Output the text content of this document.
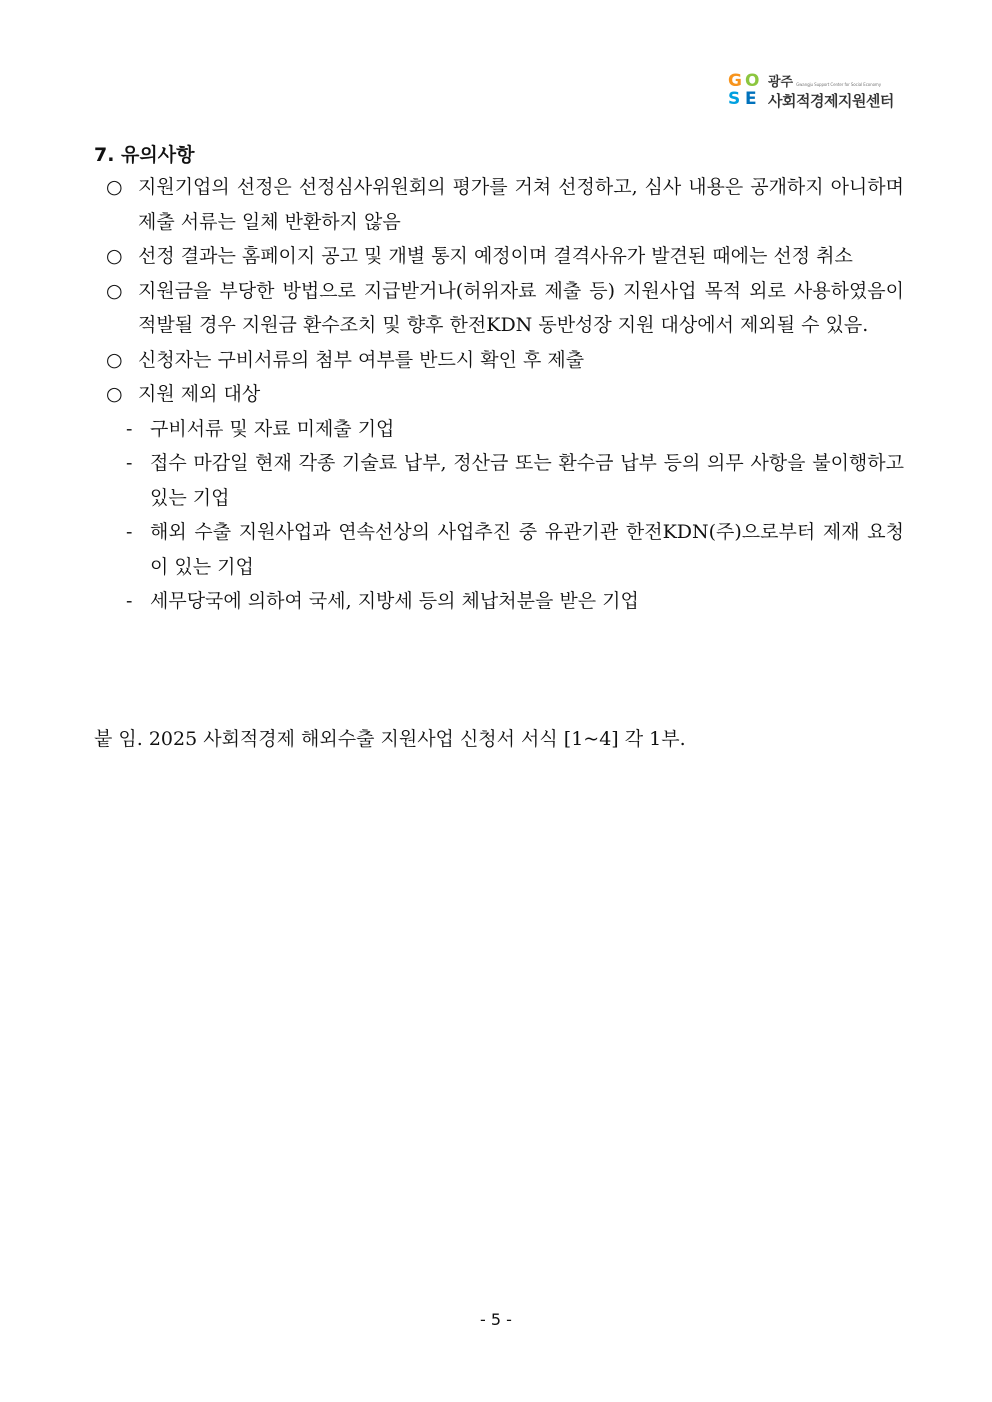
G O
S E
광주 Gwangju Support Center for Social Economy
사회적경제지원센터
7. 유의사항
○ 지원기업의 선정은 선정심사위원회의 평가를 거쳐 선정하고, 심사 내용은 공개하지 아니하며 제출 서류는 일체 반환하지 않음
○ 선정 결과는 홈페이지 공고 및 개별 통지 예정이며 결격사유가 발견된 때에는 선정 취소
○ 지원금을 부당한 방법으로 지급받거나(허위자료 제출 등) 지원사업 목적 외로 사용하였음이 적발될 경우 지원금 환수조치 및 향후 한전KDN 동반성장 지원 대상에서 제외될 수 있음.
○ 신청자는 구비서류의 첨부 여부를 반드시 확인 후 제출
○ 지원 제외 대상
- 구비서류 및 자료 미제출 기업
- 접수 마감일 현재 각종 기술료 납부, 정산금 또는 환수금 납부 등의 의무 사항을 불이행하고 있는 기업
- 해외 수출 지원사업과 연속선상의 사업추진 중 유관기관 한전KDN(주)으로부터 제재 요청이 있는 기업
- 세무당국에 의하여 국세, 지방세 등의 체납처분을 받은 기업
붙 임. 2025 사회적경제 해외수출 지원사업 신청서 서식 [1~4] 각 1부.
- 5 -
